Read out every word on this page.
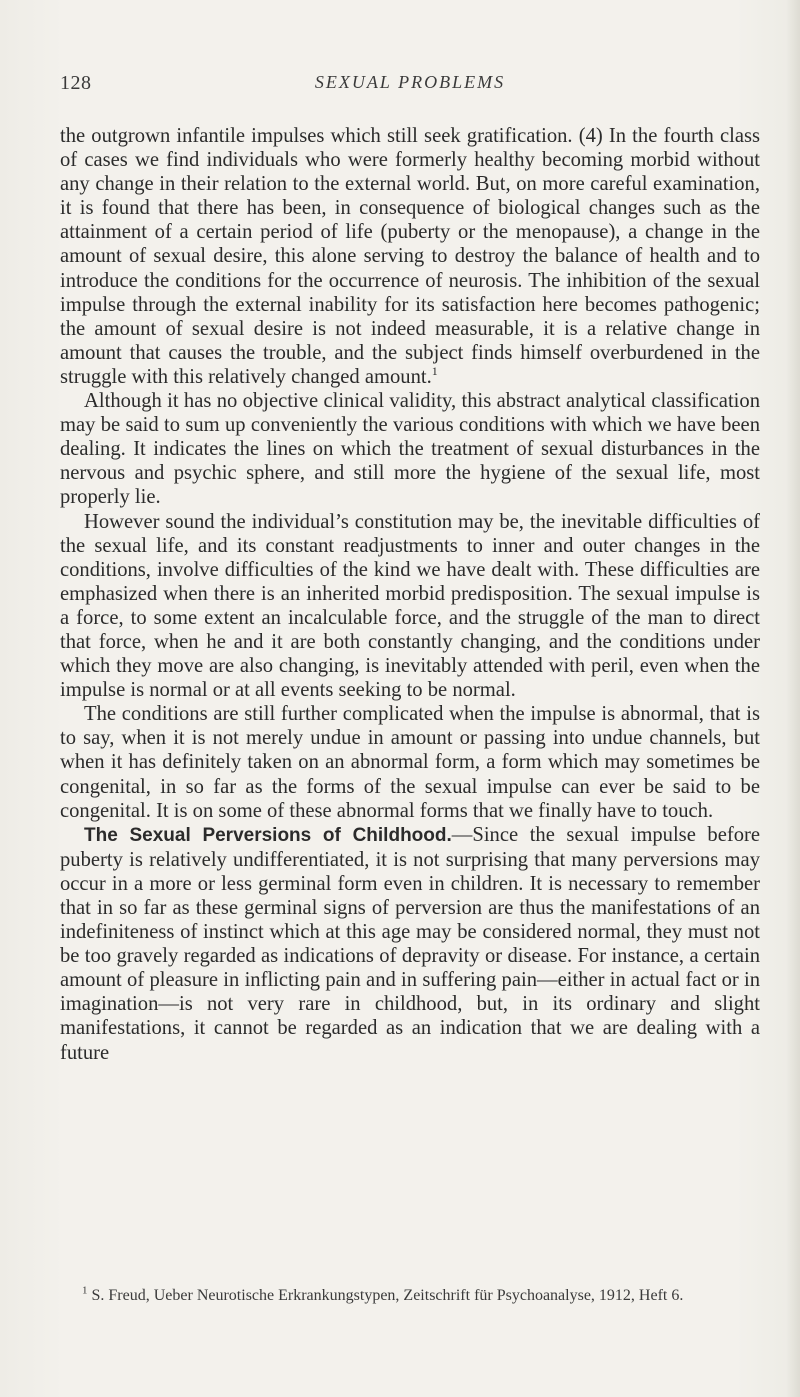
128	SEXUAL PROBLEMS

the outgrown infantile impulses which still seek gratification. (4) In the fourth class of cases we find individuals who were formerly healthy becoming morbid without any change in their relation to the external world. But, on more careful examination, it is found that there has been, in consequence of biological changes such as the attainment of a certain period of life (puberty or the menopause), a change in the amount of sexual desire, this alone serving to destroy the balance of health and to introduce the conditions for the occurrence of neurosis. The inhibition of the sexual impulse through the external inability for its satisfaction here becomes pathogenic; the amount of sexual desire is not indeed measurable, it is a relative change in amount that causes the trouble, and the subject finds himself overburdened in the struggle with this relatively changed amount.$^1$

Although it has no objective clinical validity, this abstract analytical classification may be said to sum up conveniently the various conditions with which we have been dealing. It indicates the lines on which the treatment of sexual disturbances in the nervous and psychic sphere, and still more the hygiene of the sexual life, most properly lie.

However sound the individual’s constitution may be, the inevitable difficulties of the sexual life, and its constant readjustments to inner and outer changes in the conditions, involve difficulties of the kind we have dealt with. These difficulties are emphasized when there is an inherited morbid predisposition. The sexual impulse is a force, to some extent an incalculable force, and the struggle of the man to direct that force, when he and it are both constantly changing, and the conditions under which they move are also changing, is inevitably attended with peril, even when the impulse is normal or at all events seeking to be normal.

The conditions are still further complicated when the impulse is abnormal, that is to say, when it is not merely undue in amount or passing into undue channels, but when it has definitely taken on an abnormal form, a form which may sometimes be congenital, in so far as the forms of the sexual impulse can ever be said to be congenital. It is on some of these abnormal forms that we finally have to touch.

The Sexual Perversions of Childhood.—Since the sexual impulse before puberty is relatively undifferentiated, it is not surprising that many perversions may occur in a more or less germinal form even in children. It is necessary to remember that in so far as these germinal signs of perversion are thus the manifestations of an indefiniteness of instinct which at this age may be considered normal, they must not be too gravely regarded as indications of depravity or disease. For instance, a certain amount of pleasure in inflicting pain and in suffering pain—either in actual fact or in imagination—is not very rare in childhood, but, in its ordinary and slight manifestations, it cannot be regarded as an indication that we are dealing with a future

$^1$ S. Freud, Ueber Neurotische Erkrankungstypen, Zeitschrift für Psychoanalyse, 1912, Heft 6.
